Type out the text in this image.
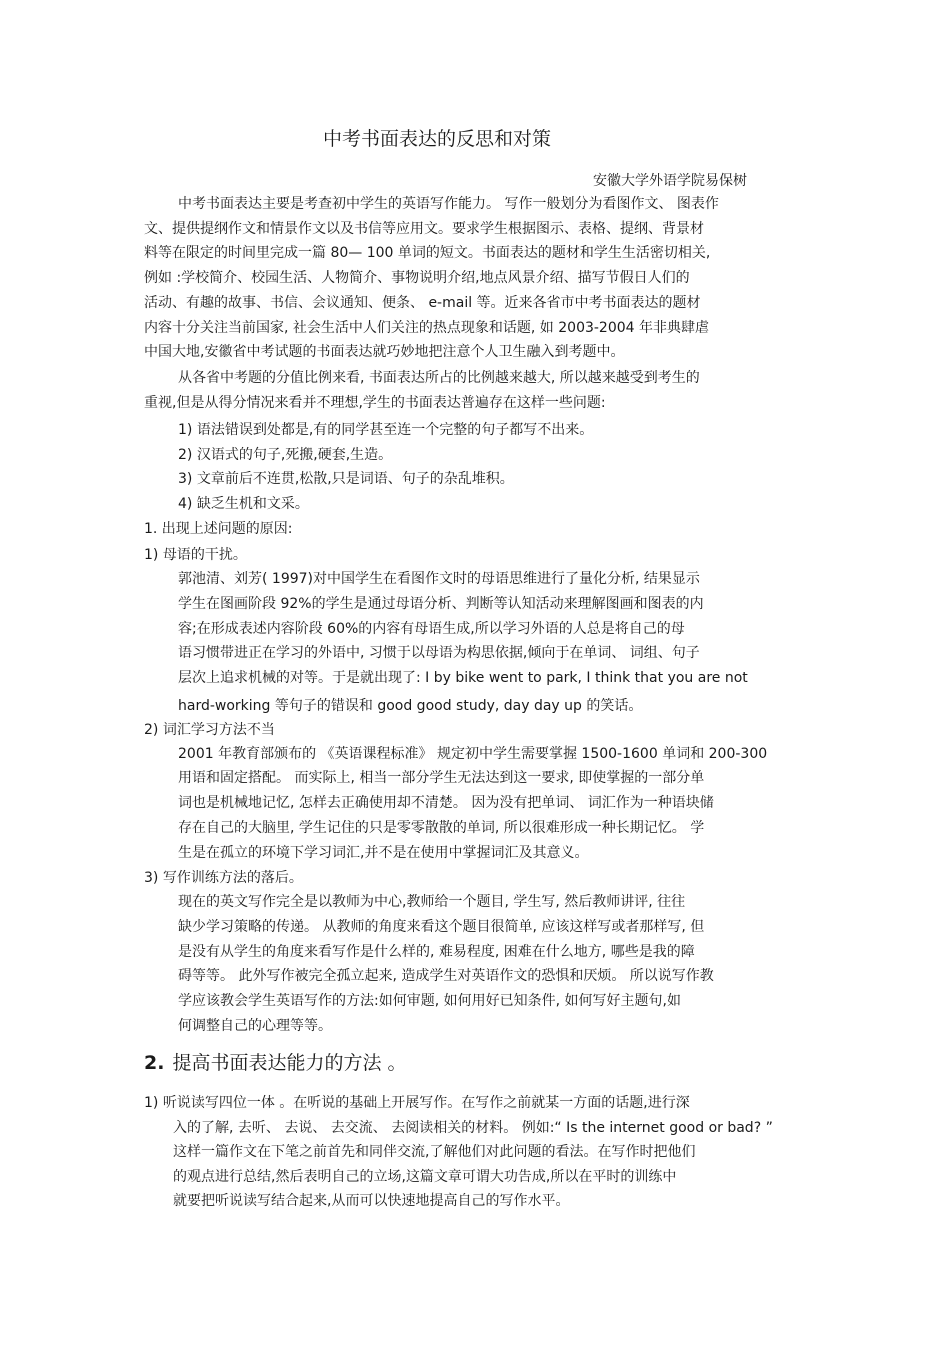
中考书面表达的反思和对策
安徽大学外语学院易保树
中考书面表达主要是考查初中学生的英语写作能力。 写作一般划分为看图作文、 图表作
文、提供提纲作文和情景作文以及书信等应用文。要求学生根据图示、表格、提纲、背景材
料等在限定的时间里完成一篇 80— 100 单词的短文。书面表达的题材和学生生活密切相关,
例如 :学校简介、校园生活、人物简介、事物说明介绍,地点风景介绍、描写节假日人们的
活动、有趣的故事、书信、会议通知、便条、 e-mail 等。近来各省市中考书面表达的题材
内容十分关注当前国家, 社会生活中人们关注的热点现象和话题, 如 2003-2004 年非典肆虐
中国大地,安徽省中考试题的书面表达就巧妙地把注意个人卫生融入到考题中。
从各省中考题的分值比例来看, 书面表达所占的比例越来越大, 所以越来越受到考生的
重视,但是从得分情况来看并不理想,学生的书面表达普遍存在这样一些问题:
1) 语法错误到处都是,有的同学甚至连一个完整的句子都写不出来。
2) 汉语式的句子,死搬,硬套,生造。
3) 文章前后不连贯,松散,只是词语、句子的杂乱堆积。
4) 缺乏生机和文采。
1. 出现上述问题的原因:
1) 母语的干扰。
郭池清、刘芳( 1997)对中国学生在看图作文时的母语思维进行了量化分析, 结果显示
学生在图画阶段 92%的学生是通过母语分析、判断等认知活动来理解图画和图表的内
容;在形成表述内容阶段 60%的内容有母语生成,所以学习外语的人总是将自己的母
语习惯带进正在学习的外语中, 习惯于以母语为构思依据,倾向于在单词、 词组、句子
层次上追求机械的对等。于是就出现了: I by bike went to park, I think that you are not
hard-working 等句子的错误和 good good study, day day up 的笑话。
2) 词汇学习方法不当
2001 年教育部颁布的 《英语课程标准》 规定初中学生需要掌握 1500-1600 单词和 200-300
用语和固定搭配。 而实际上, 相当一部分学生无法达到这一要求, 即使掌握的一部分单
词也是机械地记忆, 怎样去正确使用却不清楚。 因为没有把单词、 词汇作为一种语块储
存在自己的大脑里, 学生记住的只是零零散散的单词, 所以很难形成一种长期记忆。 学
生是在孤立的环境下学习词汇,并不是在使用中掌握词汇及其意义。
3) 写作训练方法的落后。
现在的英文写作完全是以教师为中心,教师给一个题目, 学生写, 然后教师讲评, 往往
缺少学习策略的传递。 从教师的角度来看这个题目很简单, 应该这样写或者那样写, 但
是没有从学生的角度来看写作是什么样的, 难易程度, 困难在什么地方, 哪些是我的障
碍等等。 此外写作被完全孤立起来, 造成学生对英语作文的恐惧和厌烦。 所以说写作教
学应该教会学生英语写作的方法:如何审题, 如何用好已知条件, 如何写好主题句,如
何调整自己的心理等等。
2. 提高书面表达能力的方法 。
1) 听说读写四位一体 。在听说的基础上开展写作。在写作之前就某一方面的话题,进行深
入的了解, 去听、 去说、 去交流、 去阅读相关的材料。 例如:“ Is the internet good or bad? ”
这样一篇作文在下笔之前首先和同伴交流,了解他们对此问题的看法。在写作时把他们
的观点进行总结,然后表明自己的立场,这篇文章可谓大功告成,所以在平时的训练中
就要把听说读写结合起来,从而可以快速地提高自己的写作水平。
